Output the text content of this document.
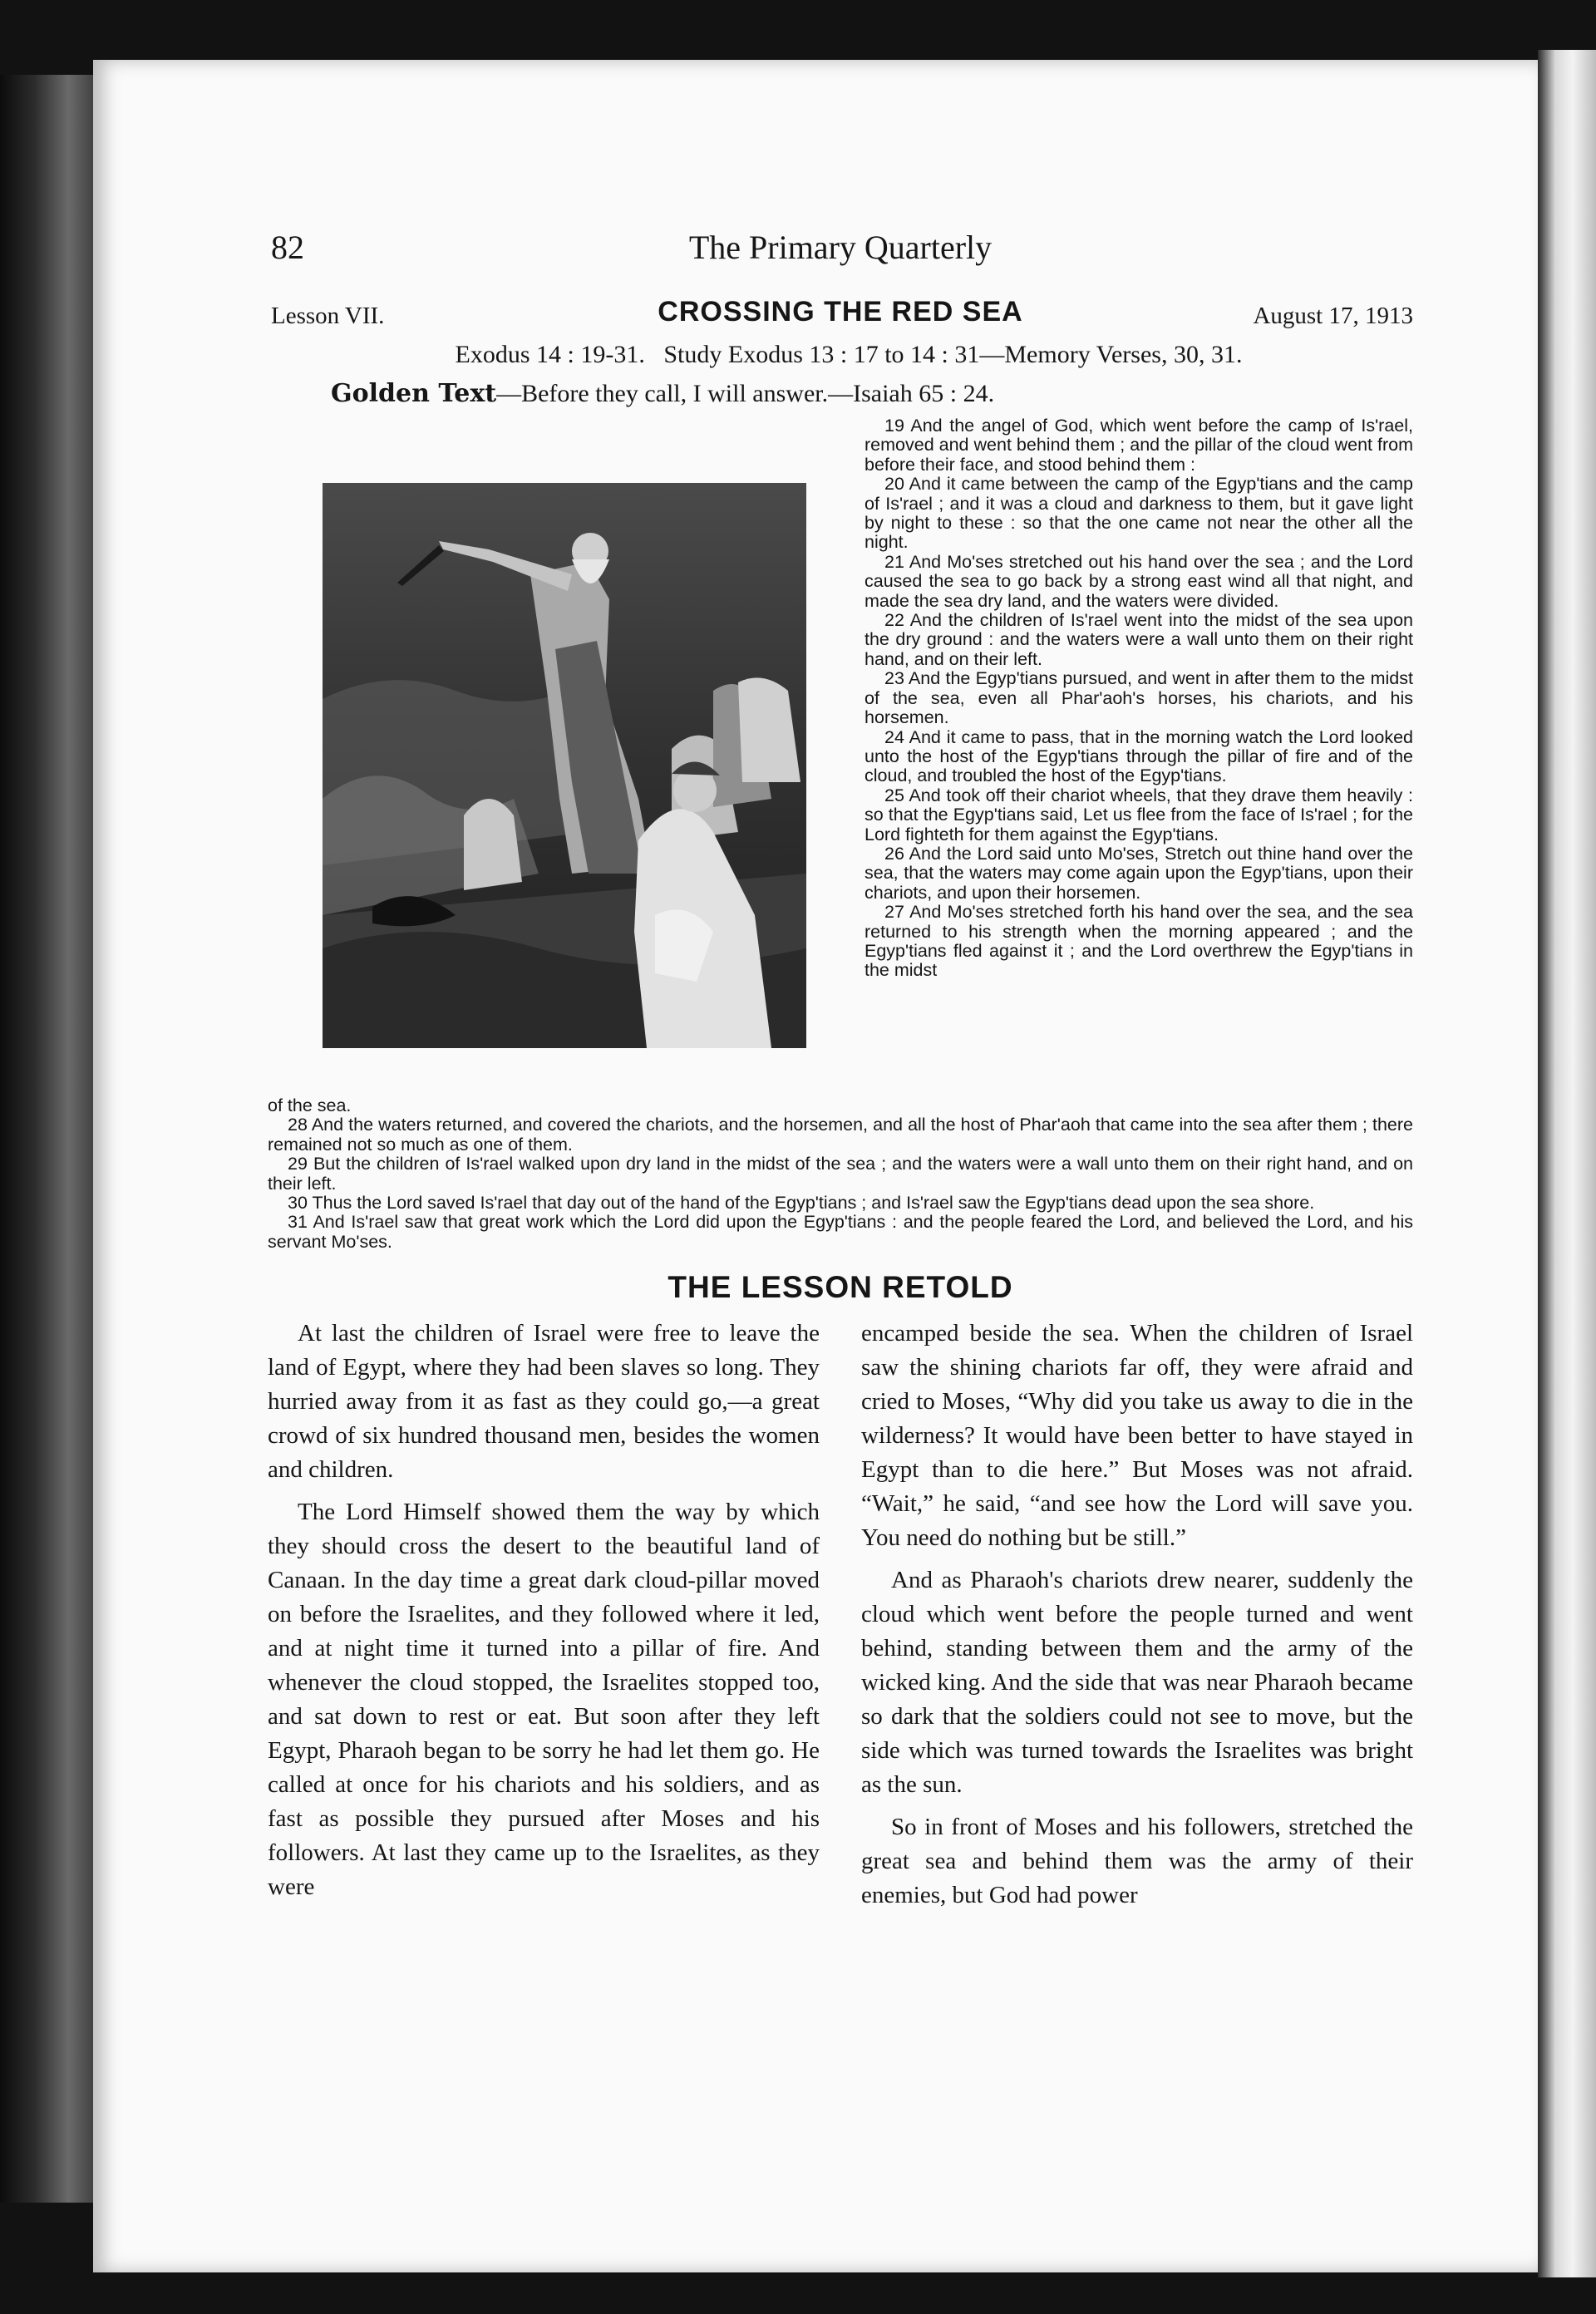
82	The Primary Quarterly
Lesson VII.	CROSSING THE RED SEA	August 17, 1913
Exodus 14 : 19-31.   Study Exodus 13 : 17 to 14 : 31—Memory Verses, 30, 31.
Golden Text—Before they call, I will answer.—Isaiah 65 : 24.

19 And the angel of God, which went before the camp of Is'rael, removed and went behind them ; and the pillar of the cloud went from before their face, and stood behind them :

20 And it came between the camp of the Egyp'tians and the camp of Is'rael ; and it was a cloud and darkness to them, but it gave light by night to these : so that the one came not near the other all the night.

21 And Mo'ses stretched out his hand over the sea ; and the Lord caused the sea to go back by a strong east wind all that night, and made the sea dry land, and the waters were divided.

22 And the children of Is'rael went into the midst of the sea upon the dry ground : and the waters were a wall unto them on their right hand, and on their left.

23 And the Egyp'tians pursued, and went in after them to the midst of the sea, even all Phar'aoh's horses, his chariots, and his horsemen.

24 And it came to pass, that in the morning watch the Lord looked unto the host of the Egyp'tians through the pillar of fire and of the cloud, and troubled the host of the Egyp'tians.

25 And took off their chariot wheels, that they drave them heavily : so that the Egyp'tians said, Let us flee from the face of Is'rael ; for the Lord fighteth for them against the Egyp'tians.

26 And the Lord said unto Mo'ses, Stretch out thine hand over the sea, that the waters may come again upon the Egyp'tians, upon their chariots, and upon their horsemen.

27 And Mo'ses stretched forth his hand over the sea, and the sea returned to his strength when the morning appeared ; and the Egyp'tians fled against it ; and the Lord overthrew the Egyp'tians in the midst

of the sea.

28 And the waters returned, and covered the chariots, and the horsemen, and all the host of Phar'aoh that came into the sea after them ; there remained not so much as one of them.

29 But the children of Is'rael walked upon dry land in the midst of the sea ; and the waters were a wall unto them on their right hand, and on their left.

30 Thus the Lord saved Is'rael that day out of the hand of the Egyp'tians ; and Is'rael saw the Egyp'tians dead upon the sea shore.

31 And Is'rael saw that great work which the Lord did upon the Egyp'tians : and the people feared the Lord, and believed the Lord, and his servant Mo'ses.

THE LESSON RETOLD

At last the children of Israel were free to leave the land of Egypt, where they had been slaves so long. They hurried away from it as fast as they could go,—a great crowd of six hundred thousand men, besides the women and children.

The Lord Himself showed them the way by which they should cross the desert to the beautiful land of Canaan. In the day time a great dark cloud-pillar moved on before the Israelites, and they followed where it led, and at night time it turned into a pillar of fire. And whenever the cloud stopped, the Israelites stopped too, and sat down to rest or eat. But soon after they left Egypt, Pharaoh began to be sorry he had let them go. He called at once for his chariots and his soldiers, and as fast as possible they pursued after Moses and his followers. At last they came up to the Israelites, as they were

encamped beside the sea. When the children of Israel saw the shining chariots far off, they were afraid and cried to Moses, “Why did you take us away to die in the wilderness? It would have been better to have stayed in Egypt than to die here.” But Moses was not afraid. “Wait,” he said, “and see how the Lord will save you. You need do nothing but be still.”

And as Pharaoh's chariots drew nearer, suddenly the cloud which went before the people turned and went behind, standing between them and the army of the wicked king. And the side that was near Pharaoh became so dark that the soldiers could not see to move, but the side which was turned towards the Israelites was bright as the sun.

So in front of Moses and his followers, stretched the great sea and behind them was the army of their enemies, but God had power
